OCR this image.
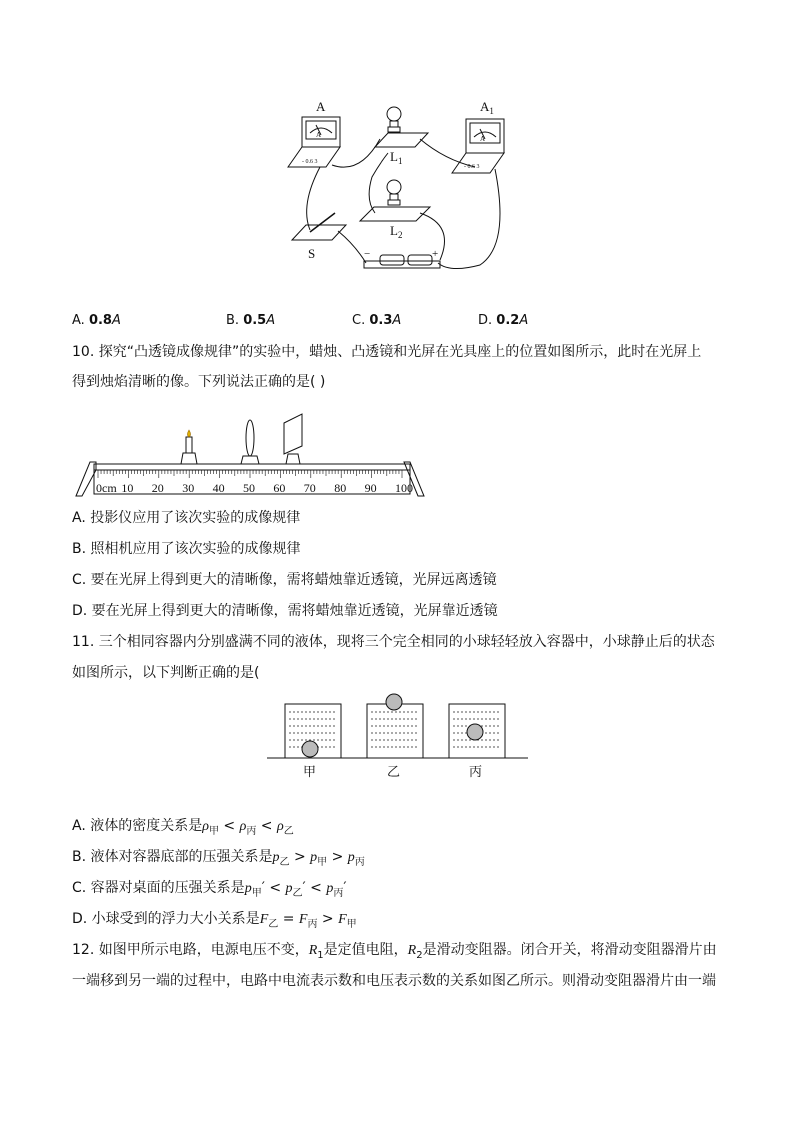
A	$A_1$
$L_1$
$L_2$
S
A	A
- 0.6 3
- 0.6 3
−	+
A. 0.8A	B. 0.5A	C. 0.3A	D. 0.2A
10. 探究“凸透镜成像规律”的实验中，蜡烛、凸透镜和光屏在光具座上的位置如图所示，此时在光屏上
得到烛焰清晰的像。下列说法正确的是( )
0cm 10 20 30 40 50 60 70 80 90 100
A. 投影仪应用了该次实验的成像规律
B. 照相机应用了该次实验的成像规律
C. 要在光屏上得到更大的清晰像，需将蜡烛靠近透镜，光屏远离透镜
D. 要在光屏上得到更大的清晰像，需将蜡烛靠近透镜，光屏靠近透镜
11. 三个相同容器内分别盛满不同的液体，现将三个完全相同的小球轻轻放入容器中，小球静止后的状态
如图所示，以下判断正确的是(
甲	乙	丙
A. 液体的密度关系是$\rho_甲 < \rho_丙 < \rho_乙$
B. 液体对容器底部的压强关系是$p_乙 > p_甲 > p_丙$
C. 容器对桌面的压强关系是$p_甲' < p_乙' < p_丙'$
D. 小球受到的浮力大小关系是$F_乙 = F_丙 > F_甲$
12. 如图甲所示电路，电源电压不变，$R_1$是定值电阻，$R_2$是滑动变阻器。闭合开关，将滑动变阻器滑片由
一端移到另一端的过程中，电路中电流表示数和电压表示数的关系如图乙所示。则滑动变阻器滑片由一端
